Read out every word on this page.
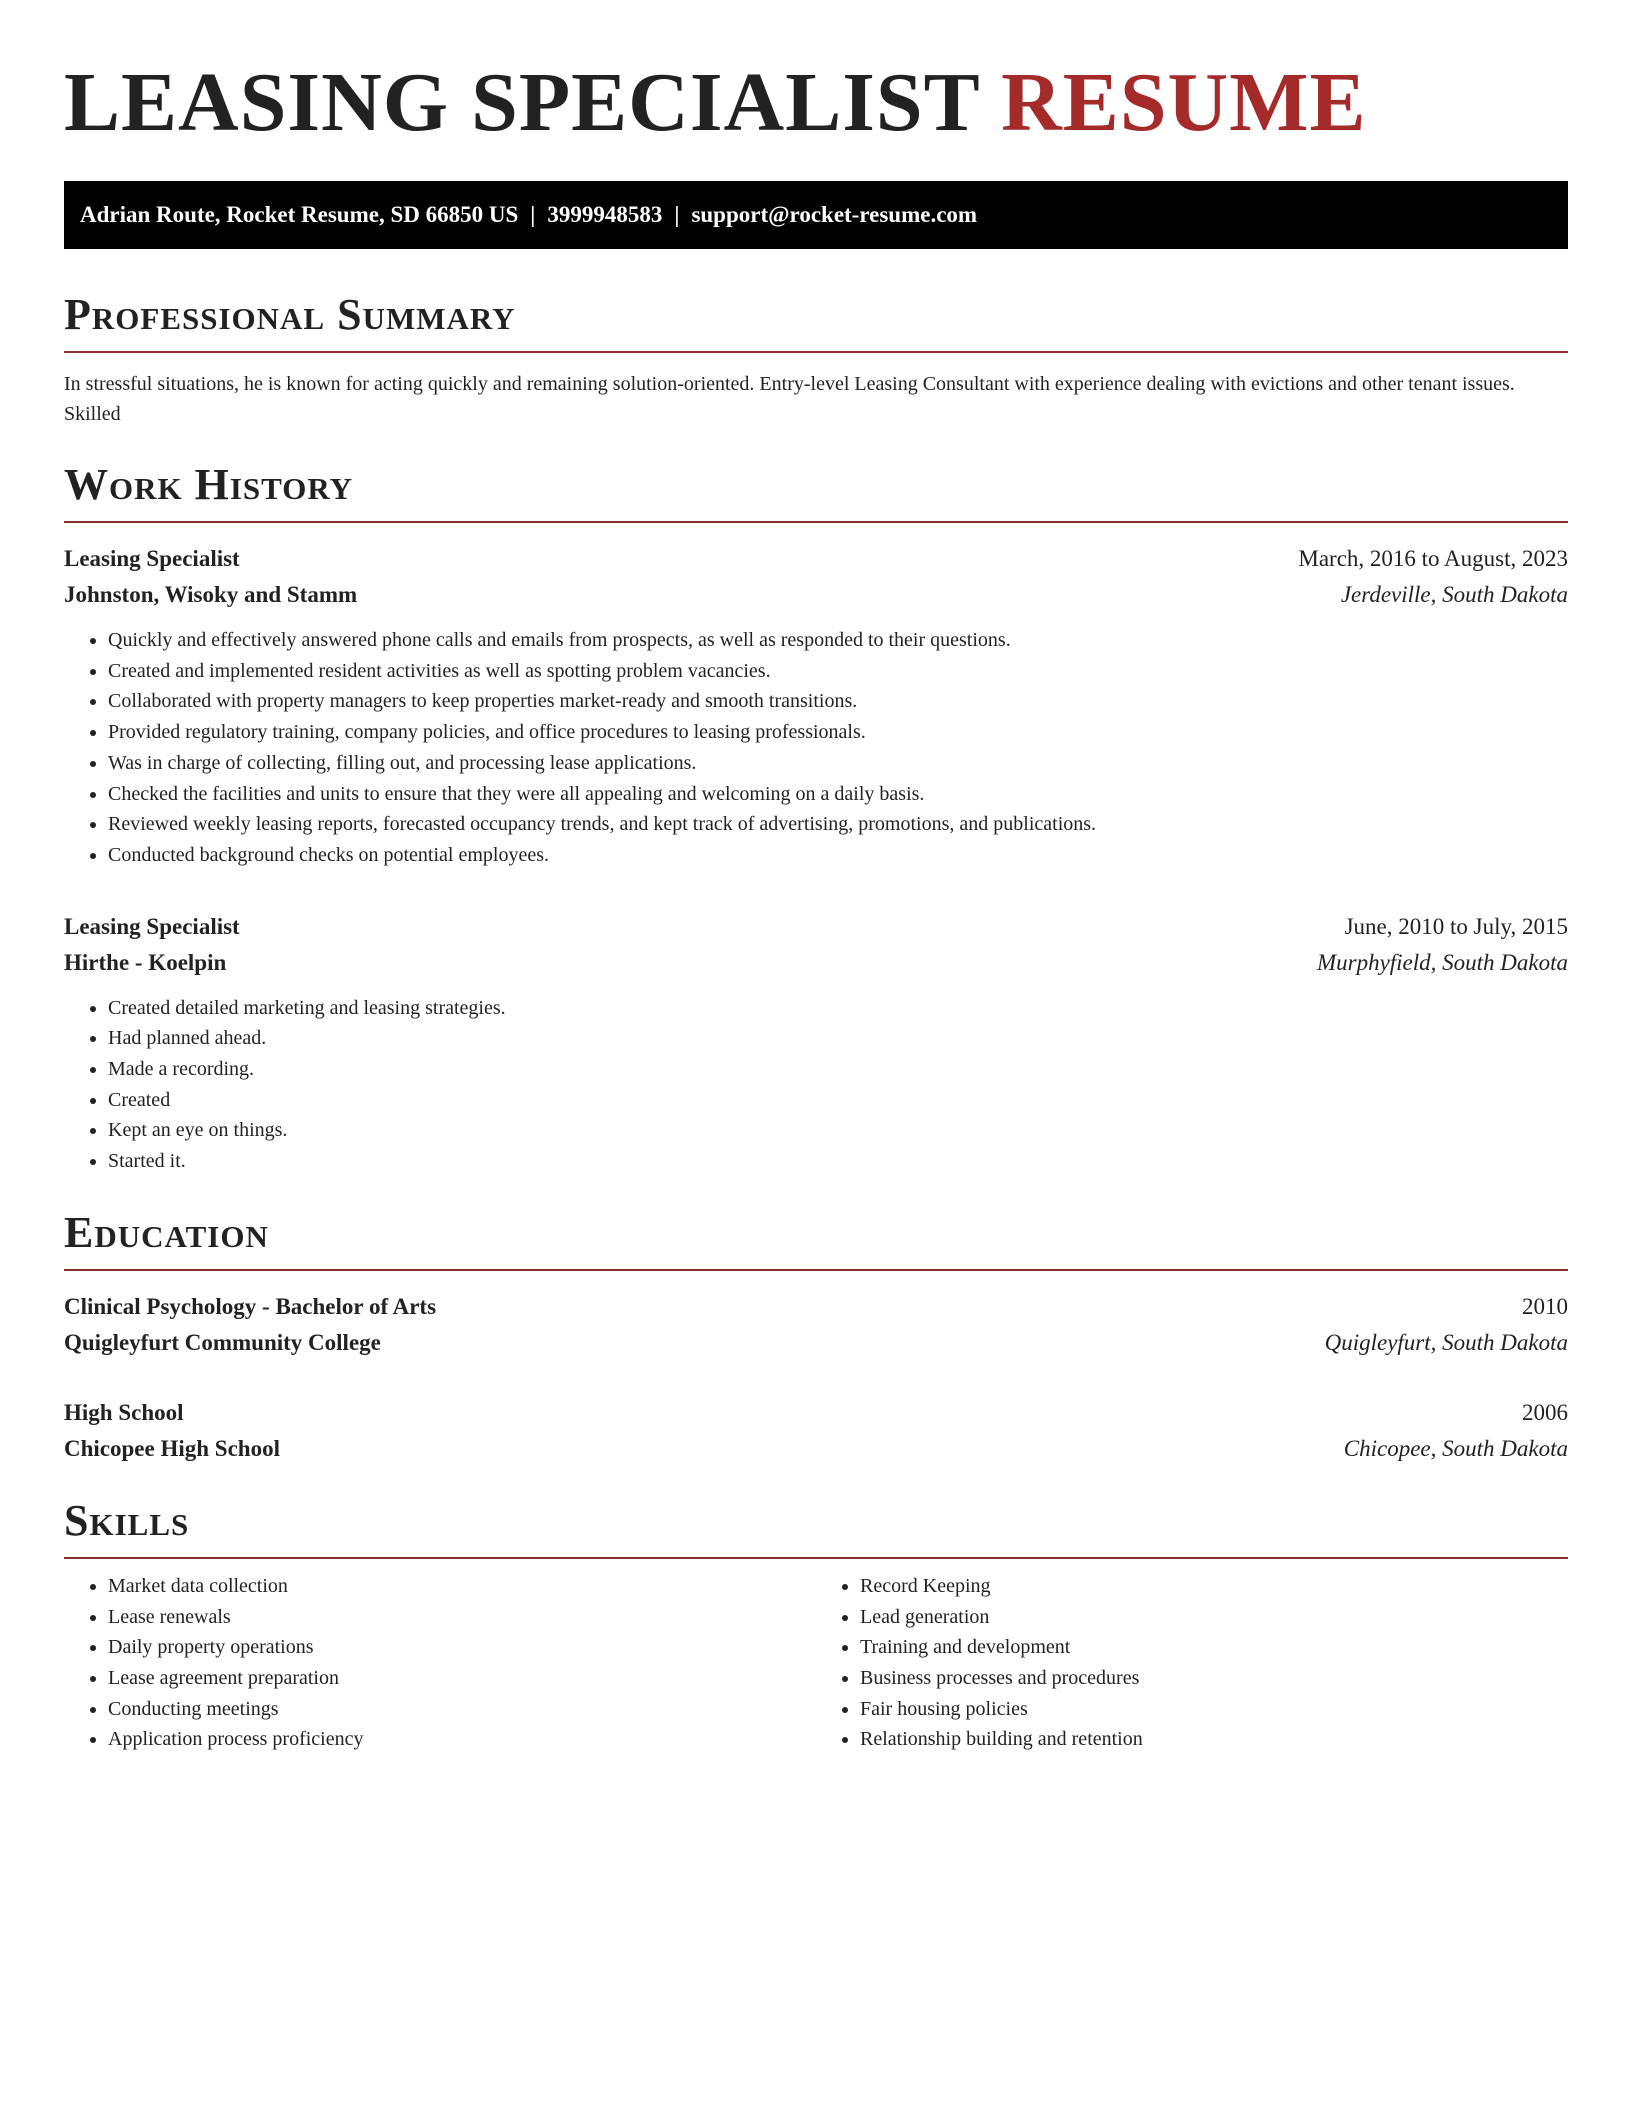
LEASING SPECIALIST RESUME
Adrian Route, Rocket Resume, SD 66850 US | 3999948583 | support@rocket-resume.com
Professional Summary
In stressful situations, he is known for acting quickly and remaining solution-oriented. Entry-level Leasing Consultant with experience dealing with evictions and other tenant issues. Skilled
Work History
Leasing Specialist	March, 2016 to August, 2023
Johnston, Wisoky and Stamm	Jerdeville, South Dakota
• Quickly and effectively answered phone calls and emails from prospects, as well as responded to their questions.
• Created and implemented resident activities as well as spotting problem vacancies.
• Collaborated with property managers to keep properties market-ready and smooth transitions.
• Provided regulatory training, company policies, and office procedures to leasing professionals.
• Was in charge of collecting, filling out, and processing lease applications.
• Checked the facilities and units to ensure that they were all appealing and welcoming on a daily basis.
• Reviewed weekly leasing reports, forecasted occupancy trends, and kept track of advertising, promotions, and publications.
• Conducted background checks on potential employees.
Leasing Specialist	June, 2010 to July, 2015
Hirthe - Koelpin	Murphyfield, South Dakota
• Created detailed marketing and leasing strategies.
• Had planned ahead.
• Made a recording.
• Created
• Kept an eye on things.
• Started it.
Education
Clinical Psychology - Bachelor of Arts	2010
Quigleyfurt Community College	Quigleyfurt, South Dakota
High School	2006
Chicopee High School	Chicopee, South Dakota
Skills
• Market data collection
• Lease renewals
• Daily property operations
• Lease agreement preparation
• Conducting meetings
• Application process proficiency
• Record Keeping
• Lead generation
• Training and development
• Business processes and procedures
• Fair housing policies
• Relationship building and retention
